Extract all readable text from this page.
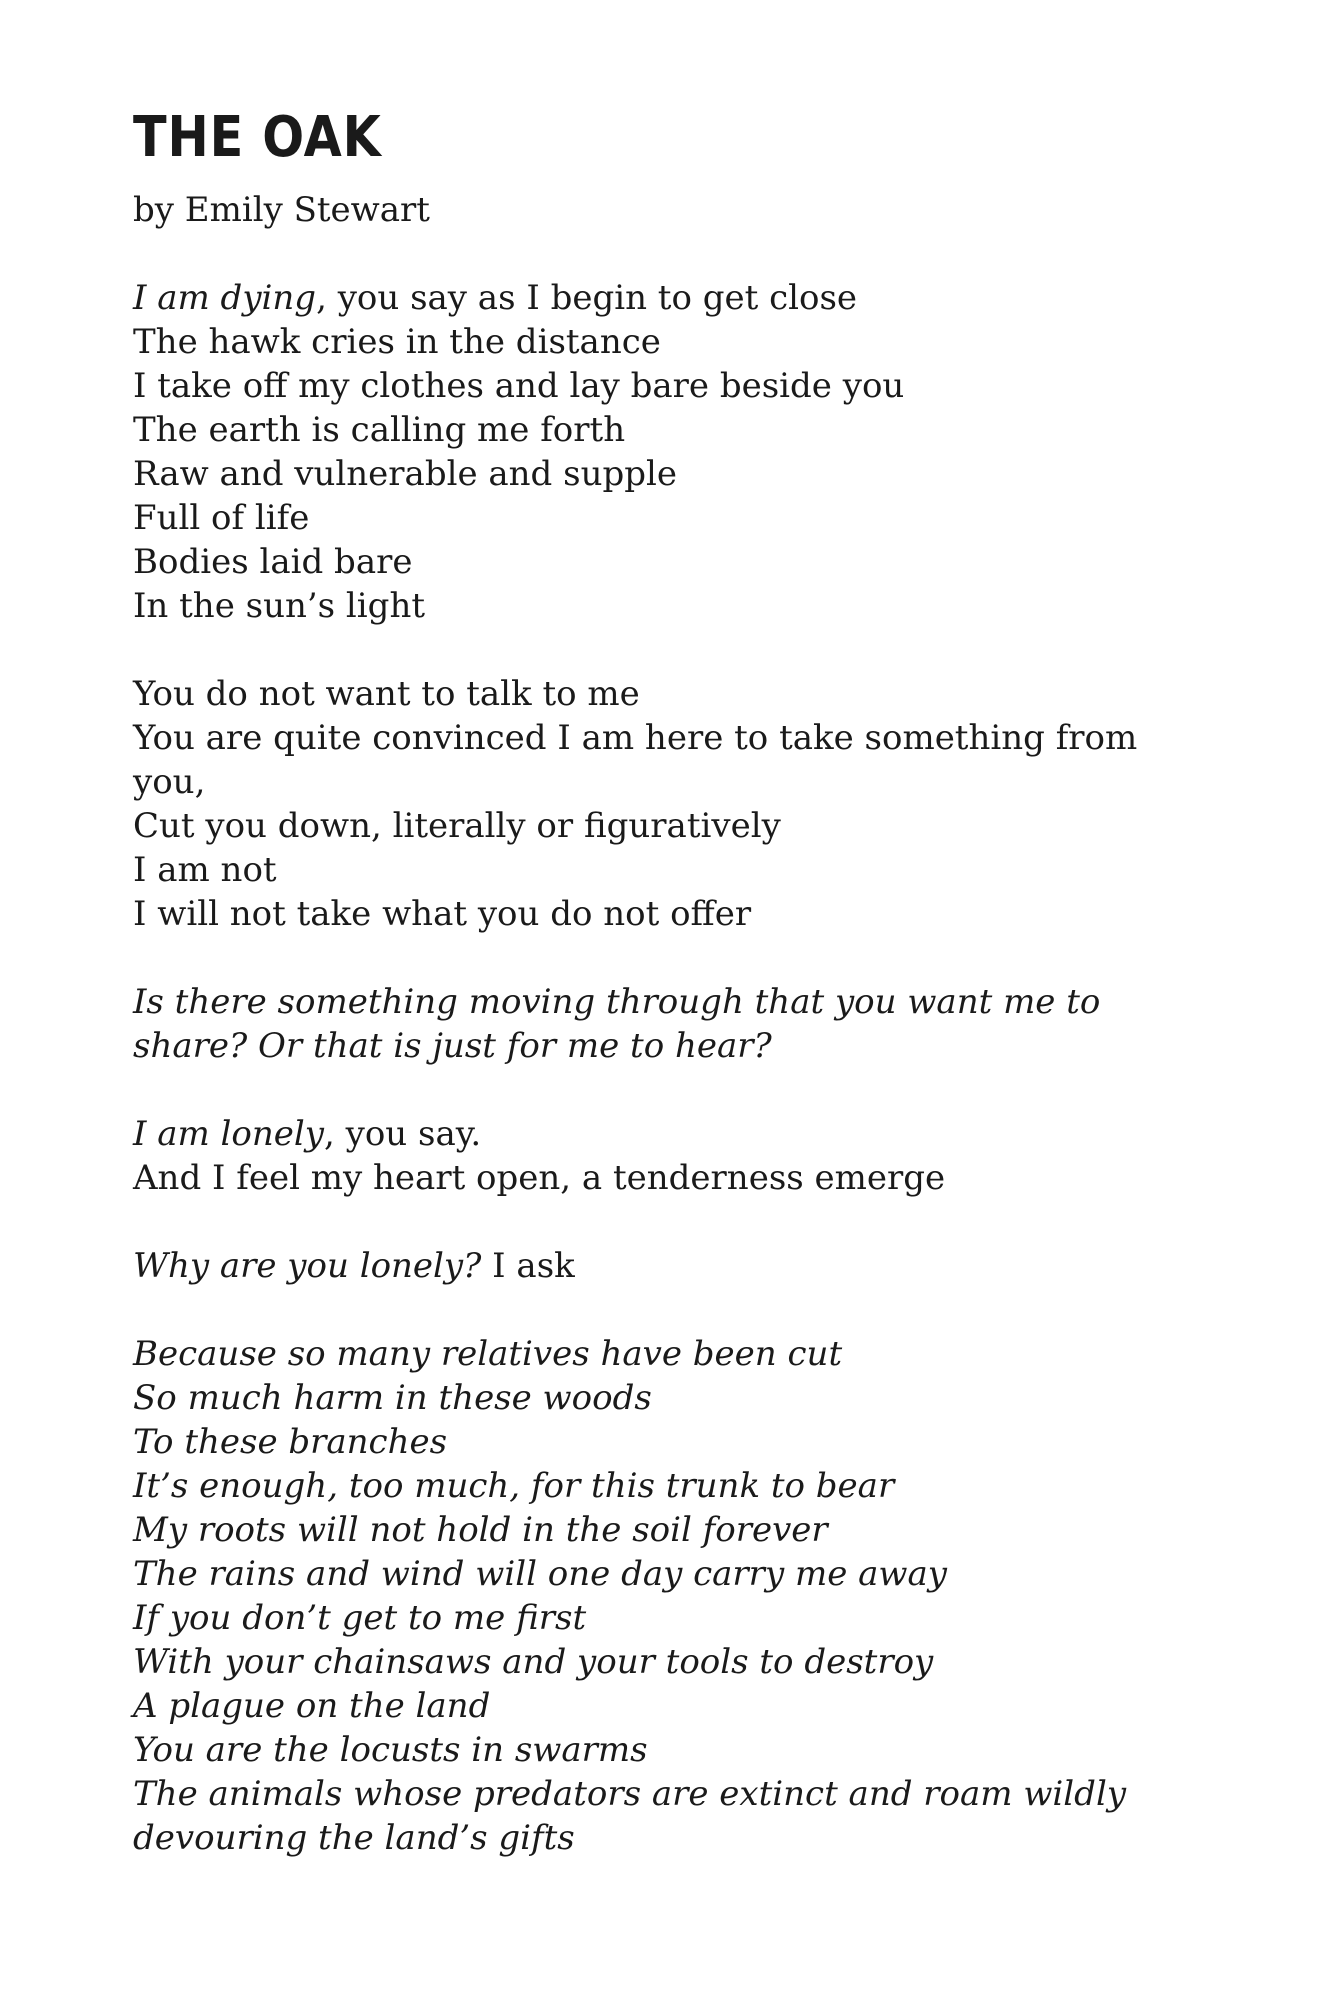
THE OAK

by Emily Stewart

I am dying, you say as I begin to get close
The hawk cries in the distance
I take off my clothes and lay bare beside you
The earth is calling me forth
Raw and vulnerable and supple
Full of life
Bodies laid bare
In the sun’s light
You do not want to talk to me
You are quite convinced I am here to take something from you,
Cut you down, literally or figuratively
I am not
I will not take what you do not offer
Is there something moving through that you want me to share? Or that is just for me to hear?
I am lonely, you say.
And I feel my heart open, a tenderness emerge
Why are you lonely? I ask
Because so many relatives have been cut
So much harm in these woods
To these branches
It’s enough, too much, for this trunk to bear
My roots will not hold in the soil forever
The rains and wind will one day carry me away
If you don’t get to me first
With your chainsaws and your tools to destroy
A plague on the land
You are the locusts in swarms
The animals whose predators are extinct and roam wildly devouring the land’s gifts
